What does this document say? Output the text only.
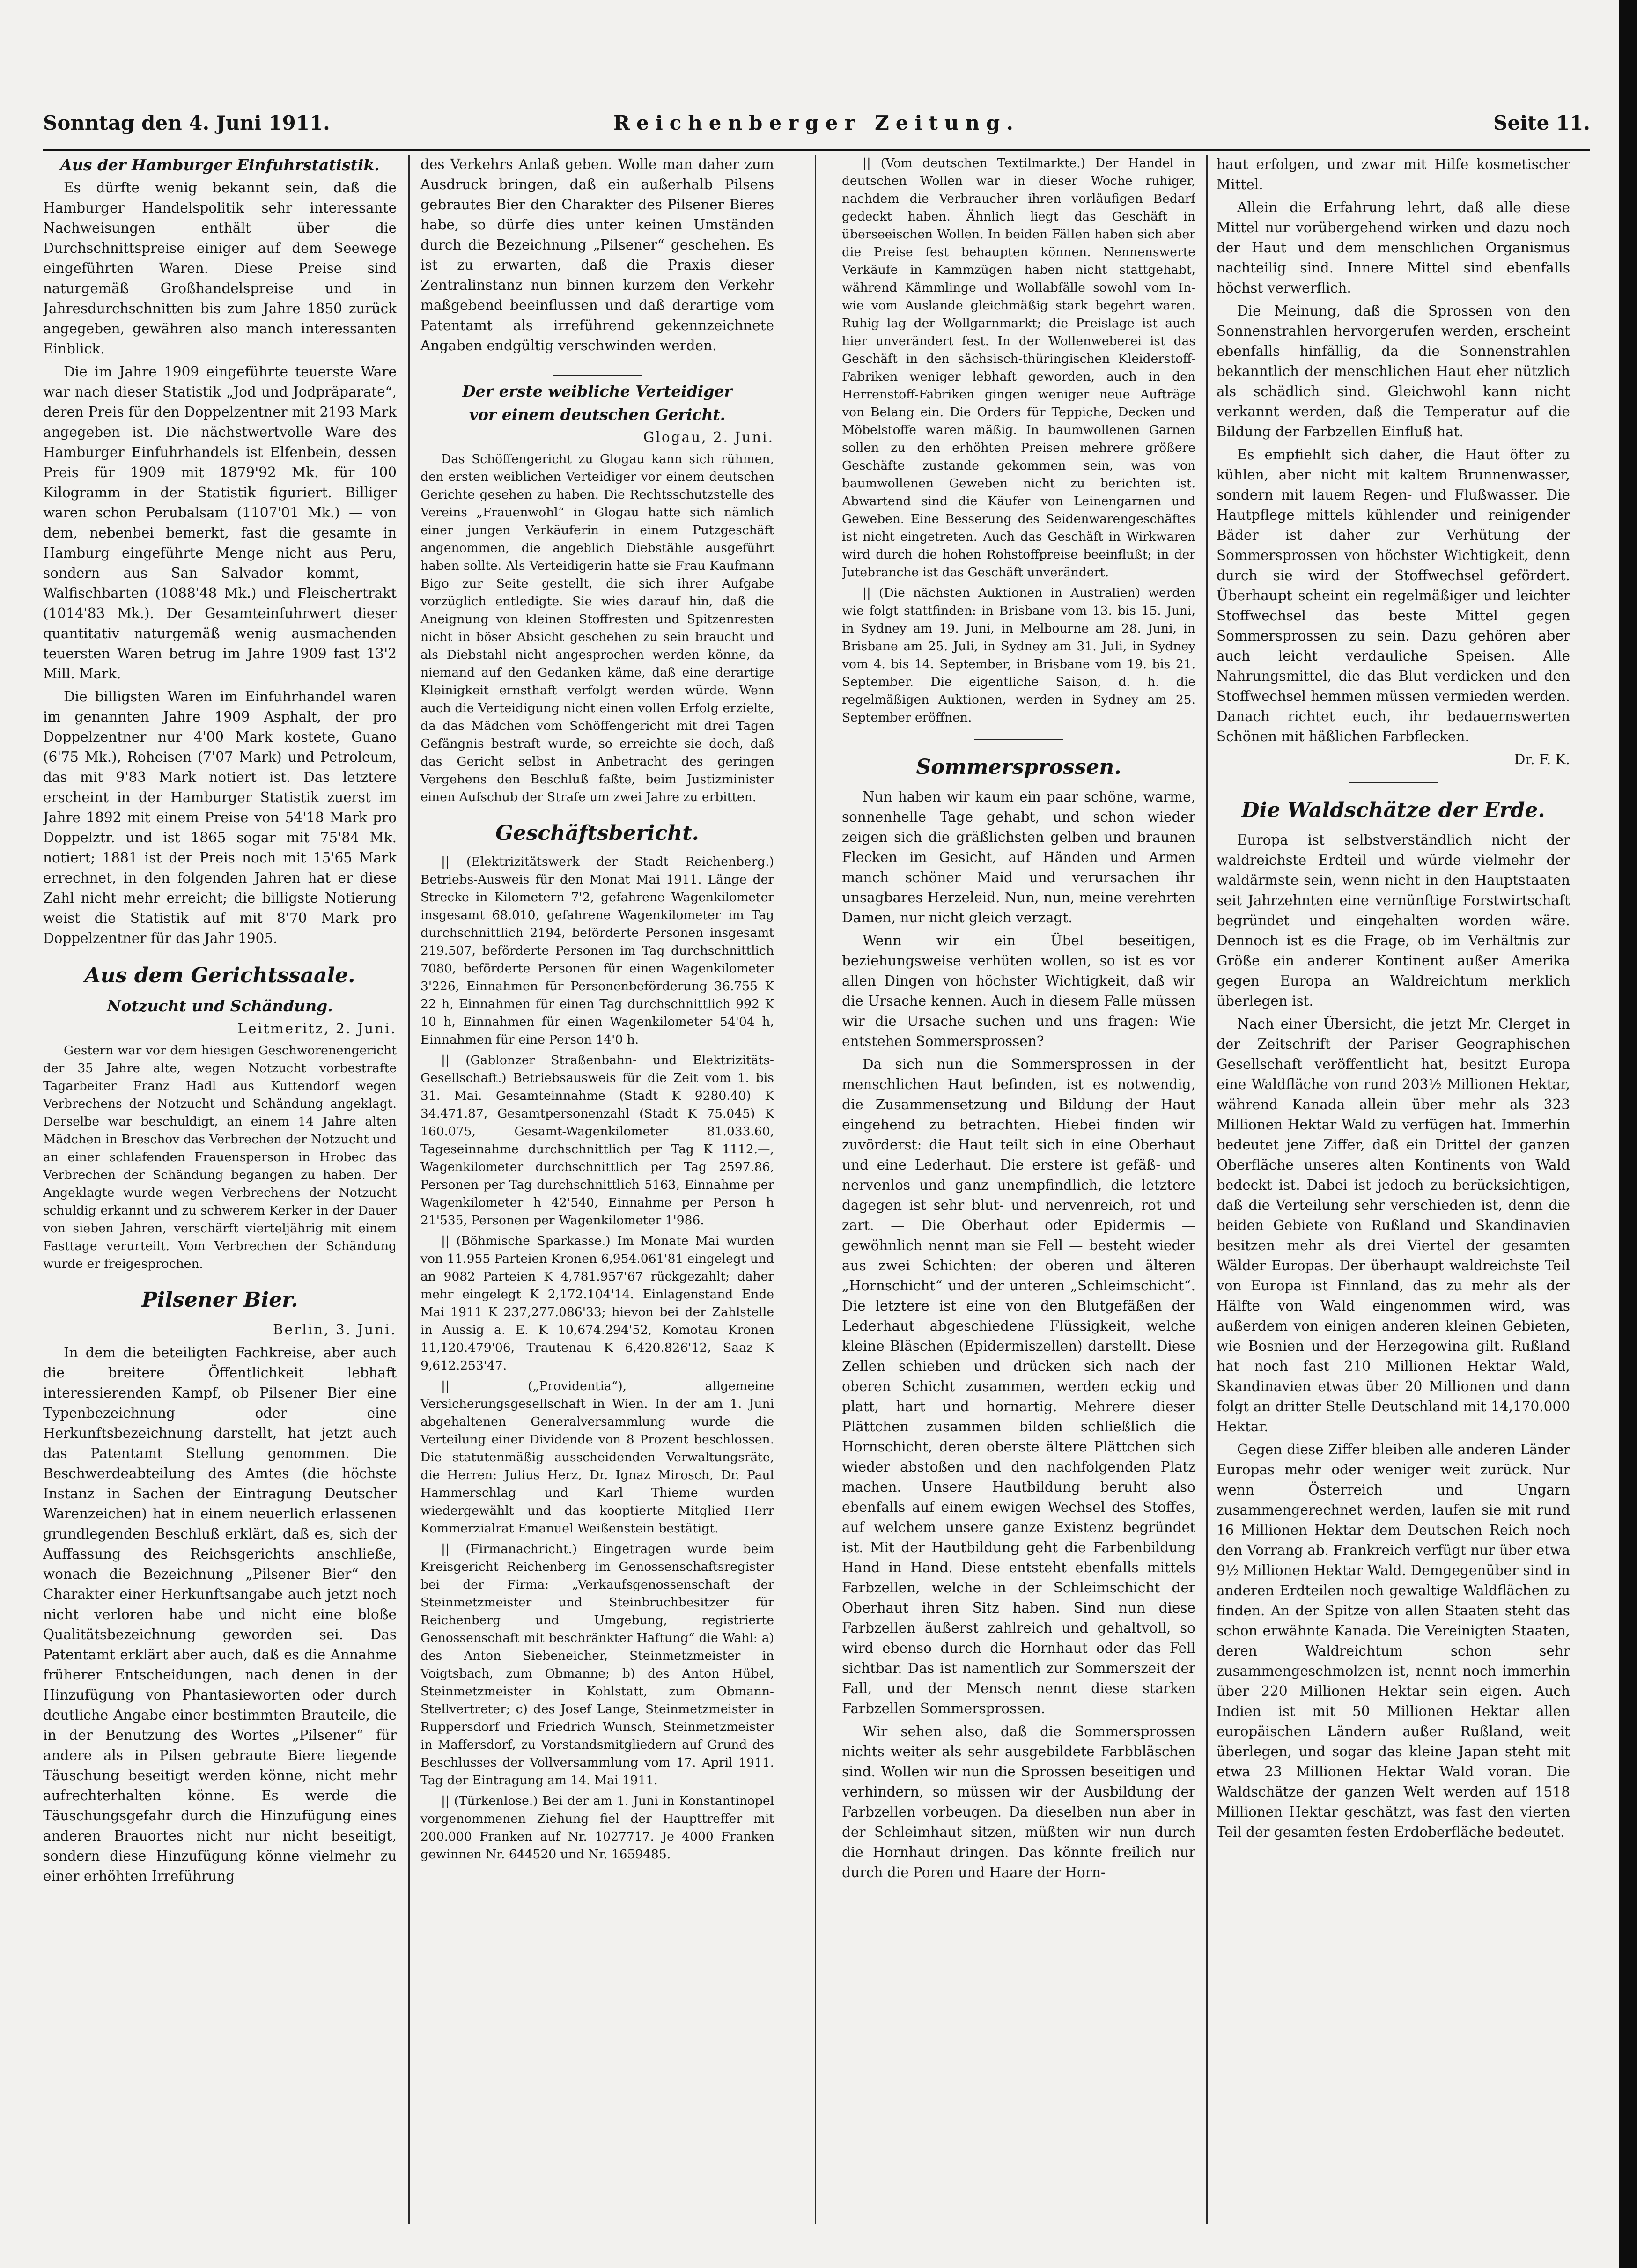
Sonntag den 4. Juni 1911.	Reichenberger Zeitung.	Seite 11.
Aus der Hamburger Einfuhrstatistik.

Es dürfte wenig bekannt sein, daß die Hamburger Handelspolitik sehr interessante Nachweisungen enthält über die Durchschnittspreise einiger auf dem Seewege eingeführten Waren. Diese Preise sind naturgemäß Großhandelspreise und in Jahresdurchschnitten bis zum Jahre 1850 zurück angegeben, gewähren also manch interessanten Einblick.

Die im Jahre 1909 eingeführte teuerste Ware war nach dieser Statistik „Jod und Jodpräparate“, deren Preis für den Doppelzentner mit 2193 Mark angegeben ist. Die nächstwertvolle Ware des Hamburger Einfuhrhandels ist Elfenbein, dessen Preis für 1909 mit 1879'92 Mk. für 100 Kilogramm in der Statistik figuriert. Billiger waren schon Perubalsam (1107'01 Mk.) — von dem, nebenbei bemerkt, fast die gesamte in Hamburg eingeführte Menge nicht aus Peru, sondern aus San Salvador kommt, — Walfischbarten (1088'48 Mk.) und Fleischertrakt (1014'83 Mk.). Der Gesamteinfuhrwert dieser quantitativ naturgemäß wenig ausmachenden teuersten Waren betrug im Jahre 1909 fast 13'2 Mill. Mark.

Die billigsten Waren im Einfuhrhandel waren im genannten Jahre 1909 Asphalt, der pro Doppelzentner nur 4'00 Mark kostete, Guano (6'75 Mk.), Roheisen (7'07 Mark) und Petroleum, das mit 9'83 Mark notiert ist. Das letztere erscheint in der Hamburger Statistik zuerst im Jahre 1892 mit einem Preise von 54'18 Mark pro Doppelztr. und ist 1865 sogar mit 75'84 Mk. notiert; 1881 ist der Preis noch mit 15'65 Mark errechnet, in den folgenden Jahren hat er diese Zahl nicht mehr erreicht; die billigste Notierung weist die Statistik auf mit 8'70 Mark pro Doppelzentner für das Jahr 1905.

Aus dem Gerichtssaale.
Notzucht und Schändung.
Leitmeritz, 2. Juni.

Gestern war vor dem hiesigen Geschworenengericht der 35 Jahre alte, wegen Notzucht vorbestrafte Tagarbeiter Franz Hadl aus Kuttendorf wegen Verbrechens der Notzucht und Schändung angeklagt. Derselbe war beschuldigt, an einem 14 Jahre alten Mädchen in Breschov das Verbrechen der Notzucht und an einer schlafenden Frauensperson in Hrobec das Verbrechen der Schändung begangen zu haben. Der Angeklagte wurde wegen Verbrechens der Notzucht schuldig erkannt und zu schwerem Kerker in der Dauer von sieben Jahren, verschärft vierteljährig mit einem Fasttage verurteilt. Vom Verbrechen der Schändung wurde er freigesprochen.

Pilsener Bier.
Berlin, 3. Juni.

In dem die beteiligten Fachkreise, aber auch die breitere Öffentlichkeit lebhaft interessierenden Kampf, ob Pilsener Bier eine Typenbezeichnung oder eine Herkunftsbezeichnung darstellt, hat jetzt auch das Patentamt Stellung genommen. Die Beschwerdeabteilung des Amtes (die höchste Instanz in Sachen der Eintragung Deutscher Warenzeichen) hat in einem neuerlich erlassenen grundlegenden Beschluß erklärt, daß es, sich der Auffassung des Reichsgerichts anschließe, wonach die Bezeichnung „Pilsener Bier“ den Charakter einer Herkunftsangabe auch jetzt noch nicht verloren habe und nicht eine bloße Qualitätsbezeichnung geworden sei. Das Patentamt erklärt aber auch, daß es die Annahme früherer Entscheidungen, nach denen in der Hinzufügung von Phantasieworten oder durch deutliche Angabe einer bestimmten Brauteile, die in der Benutzung des Wortes „Pilsener“ für andere als in Pilsen gebraute Biere liegende Täuschung beseitigt werden könne, nicht mehr aufrechterhalten könne. Es werde die Täuschungsgefahr durch die Hinzufügung eines anderen Brauortes nicht nur nicht beseitigt, sondern diese Hinzufügung könne vielmehr zu einer erhöhten Irreführung

des Verkehrs Anlaß geben. Wolle man daher zum Ausdruck bringen, daß ein außerhalb Pilsens gebrautes Bier den Charakter des Pilsener Bieres habe, so dürfe dies unter keinen Umständen durch die Bezeichnung „Pilsener“ geschehen. Es ist zu erwarten, daß die Praxis dieser Zentralinstanz nun binnen kurzem den Verkehr maßgebend beeinflussen und daß derartige vom Patentamt als irreführend gekennzeichnete Angaben endgültig verschwinden werden.

Der erste weibliche Verteidiger
vor einem deutschen Gericht.
Glogau, 2. Juni.

Das Schöffengericht zu Glogau kann sich rühmen, den ersten weiblichen Verteidiger vor einem deutschen Gerichte gesehen zu haben. Die Rechtsschutzstelle des Vereins „Frauenwohl“ in Glogau hatte sich nämlich einer jungen Verkäuferin in einem Putzgeschäft angenommen, die angeblich Diebstähle ausgeführt haben sollte. Als Verteidigerin hatte sie Frau Kaufmann Bigo zur Seite gestellt, die sich ihrer Aufgabe vorzüglich entledigte. Sie wies darauf hin, daß die Aneignung von kleinen Stoffresten und Spitzenresten nicht in böser Absicht geschehen zu sein braucht und als Diebstahl nicht angesprochen werden könne, da niemand auf den Gedanken käme, daß eine derartige Kleinigkeit ernsthaft verfolgt werden würde. Wenn auch die Verteidigung nicht einen vollen Erfolg erzielte, da das Mädchen vom Schöffengericht mit drei Tagen Gefängnis bestraft wurde, so erreichte sie doch, daß das Gericht selbst in Anbetracht des geringen Vergehens den Beschluß faßte, beim Justizminister einen Aufschub der Strafe um zwei Jahre zu erbitten.

Geschäftsbericht.

|| (Elektrizitätswerk der Stadt Reichenberg.) Betriebs-Ausweis für den Monat Mai 1911. Länge der Strecke in Kilometern 7'2, gefahrene Wagenkilometer insgesamt 68.010, gefahrene Wagenkilometer im Tag durchschnittlich 2194, beförderte Personen insgesamt 219.507, beförderte Personen im Tag durchschnittlich 7080, beförderte Personen für einen Wagenkilometer 3'226, Einnahmen für Personenbeförderung 36.755 K 22 h, Einnahmen für einen Tag durchschnittlich 992 K 10 h, Einnahmen für einen Wagenkilometer 54'04 h, Einnahmen für eine Person 14'0 h.

|| (Gablonzer Straßenbahn- und Elektrizitäts-Gesellschaft.) Betriebsausweis für die Zeit vom 1. bis 31. Mai. Gesamteinnahme (Stadt K 9280.40) K 34.471.87, Gesamtpersonenzahl (Stadt K 75.045) K 160.075, Gesamt-Wagenkilometer 81.033.60, Tageseinnahme durchschnittlich per Tag K 1112.—, Wagenkilometer durchschnittlich per Tag 2597.86, Personen per Tag durchschnittlich 5163, Einnahme per Wagenkilometer h 42'540, Einnahme per Person h 21'535, Personen per Wagenkilometer 1'986.

|| (Böhmische Sparkasse.) Im Monate Mai wurden von 11.955 Parteien Kronen 6,954.061'81 eingelegt und an 9082 Parteien K 4,781.957'67 rückgezahlt; daher mehr eingelegt K 2,172.104'14. Einlagenstand Ende Mai 1911 K 237,277.086'33; hievon bei der Zahlstelle in Aussig a. E. K 10,674.294'52, Komotau Kronen 11,120.479'06, Trautenau K 6,420.826'12, Saaz K 9,612.253'47.

|| („Providentia“), allgemeine Versicherungsgesellschaft in Wien. In der am 1. Juni abgehaltenen Generalversammlung wurde die Verteilung einer Dividende von 8 Prozent beschlossen. Die statutenmäßig ausscheidenden Verwaltungsräte, die Herren: Julius Herz, Dr. Ignaz Mirosch, Dr. Paul Hammerschlag und Karl Thieme wurden wiedergewählt und das kooptierte Mitglied Herr Kommerzialrat Emanuel Weißenstein bestätigt.

|| (Firmanachricht.) Eingetragen wurde beim Kreisgericht Reichenberg im Genossenschaftsregister bei der Firma: „Verkaufsgenossenschaft der Steinmetzmeister und Steinbruchbesitzer für Reichenberg und Umgebung, registrierte Genossenschaft mit beschränkter Haftung“ die Wahl: a) des Anton Siebeneicher, Steinmetzmeister in Voigtsbach, zum Obmanne; b) des Anton Hübel, Steinmetzmeister in Kohlstatt, zum Obmann-Stellvertreter; c) des Josef Lange, Steinmetzmeister in Ruppersdorf und Friedrich Wunsch, Steinmetzmeister in Maffersdorf, zu Vorstandsmitgliedern auf Grund des Beschlusses der Vollversammlung vom 17. April 1911. Tag der Eintragung am 14. Mai 1911.

|| (Türkenlose.) Bei der am 1. Juni in Konstantinopel vorgenommenen Ziehung fiel der Haupttreffer mit 200.000 Franken auf Nr. 1027717. Je 4000 Franken gewinnen Nr. 644520 und Nr. 1659485.

|| (Vom deutschen Textilmarkte.) Der Handel in deutschen Wollen war in dieser Woche ruhiger, nachdem die Verbraucher ihren vorläufigen Bedarf gedeckt haben. Ähnlich liegt das Geschäft in überseeischen Wollen. In beiden Fällen haben sich aber die Preise fest behaupten können. Nennenswerte Verkäufe in Kammzügen haben nicht stattgehabt, während Kämmlinge und Wollabfälle sowohl vom In- wie vom Auslande gleichmäßig stark begehrt waren. Ruhig lag der Wollgarnmarkt; die Preislage ist auch hier unverändert fest. In der Wollenweberei ist das Geschäft in den sächsisch-thüringischen Kleiderstoff-Fabriken weniger lebhaft geworden, auch in den Herrenstoff-Fabriken gingen weniger neue Aufträge von Belang ein. Die Orders für Teppiche, Decken und Möbelstoffe waren mäßig. In baumwollenen Garnen sollen zu den erhöhten Preisen mehrere größere Geschäfte zustande gekommen sein, was von baumwollenen Geweben nicht zu berichten ist. Abwartend sind die Käufer von Leinengarnen und Geweben. Eine Besserung des Seidenwarengeschäftes ist nicht eingetreten. Auch das Geschäft in Wirkwaren wird durch die hohen Rohstoffpreise beeinflußt; in der Jutebranche ist das Geschäft unverändert.

|| (Die nächsten Auktionen in Australien) werden wie folgt stattfinden: in Brisbane vom 13. bis 15. Juni, in Sydney am 19. Juni, in Melbourne am 28. Juni, in Brisbane am 25. Juli, in Sydney am 31. Juli, in Sydney vom 4. bis 14. September, in Brisbane vom 19. bis 21. September. Die eigentliche Saison, d. h. die regelmäßigen Auktionen, werden in Sydney am 25. September eröffnen.

Sommersprossen.

Nun haben wir kaum ein paar schöne, warme, sonnenhelle Tage gehabt, und schon wieder zeigen sich die gräßlichsten gelben und braunen Flecken im Gesicht, auf Händen und Armen manch schöner Maid und verursachen ihr unsagbares Herzeleid. Nun, nun, meine verehrten Damen, nur nicht gleich verzagt.

Wenn wir ein Übel beseitigen, beziehungsweise verhüten wollen, so ist es vor allen Dingen von höchster Wichtigkeit, daß wir die Ursache kennen. Auch in diesem Falle müssen wir die Ursache suchen und uns fragen: Wie entstehen Sommersprossen?

Da sich nun die Sommersprossen in der menschlichen Haut befinden, ist es notwendig, die Zusammensetzung und Bildung der Haut eingehend zu betrachten. Hiebei finden wir zuvörderst: die Haut teilt sich in eine Oberhaut und eine Lederhaut. Die erstere ist gefäß- und nervenlos und ganz unempfindlich, die letztere dagegen ist sehr blut- und nervenreich, rot und zart. — Die Oberhaut oder Epidermis — gewöhnlich nennt man sie Fell — besteht wieder aus zwei Schichten: der oberen und älteren „Hornschicht“ und der unteren „Schleimschicht“. Die letztere ist eine von den Blutgefäßen der Lederhaut abgeschiedene Flüssigkeit, welche kleine Bläschen (Epidermiszellen) darstellt. Diese Zellen schieben und drücken sich nach der oberen Schicht zusammen, werden eckig und platt, hart und hornartig. Mehrere dieser Plättchen zusammen bilden schließlich die Hornschicht, deren oberste ältere Plättchen sich wieder abstoßen und den nachfolgenden Platz machen. Unsere Hautbildung beruht also ebenfalls auf einem ewigen Wechsel des Stoffes, auf welchem unsere ganze Existenz begründet ist. Mit der Hautbildung geht die Farbenbildung Hand in Hand. Diese entsteht ebenfalls mittels Farbzellen, welche in der Schleimschicht der Oberhaut ihren Sitz haben. Sind nun diese Farbzellen äußerst zahlreich und gehaltvoll, so wird ebenso durch die Hornhaut oder das Fell sichtbar. Das ist namentlich zur Sommerszeit der Fall, und der Mensch nennt diese starken Farbzellen Sommersprossen.

Wir sehen also, daß die Sommersprossen nichts weiter als sehr ausgebildete Farbbläschen sind. Wollen wir nun die Sprossen beseitigen und verhindern, so müssen wir der Ausbildung der Farbzellen vorbeugen. Da dieselben nun aber in der Schleimhaut sitzen, müßten wir nun durch die Hornhaut dringen. Das könnte freilich nur durch die Poren und Haare der Horn-

haut erfolgen, und zwar mit Hilfe kosmetischer Mittel.

Allein die Erfahrung lehrt, daß alle diese Mittel nur vorübergehend wirken und dazu noch der Haut und dem menschlichen Organismus nachteilig sind. Innere Mittel sind ebenfalls höchst verwerflich.

Die Meinung, daß die Sprossen von den Sonnenstrahlen hervorgerufen werden, erscheint ebenfalls hinfällig, da die Sonnenstrahlen bekanntlich der menschlichen Haut eher nützlich als schädlich sind. Gleichwohl kann nicht verkannt werden, daß die Temperatur auf die Bildung der Farbzellen Einfluß hat.

Es empfiehlt sich daher, die Haut öfter zu kühlen, aber nicht mit kaltem Brunnenwasser, sondern mit lauem Regen- und Flußwasser. Die Hautpflege mittels kühlender und reinigender Bäder ist daher zur Verhütung der Sommersprossen von höchster Wichtigkeit, denn durch sie wird der Stoffwechsel gefördert. Überhaupt scheint ein regelmäßiger und leichter Stoffwechsel das beste Mittel gegen Sommersprossen zu sein. Dazu gehören aber auch leicht verdauliche Speisen. Alle Nahrungsmittel, die das Blut verdicken und den Stoffwechsel hemmen müssen vermieden werden. Danach richtet euch, ihr bedauernswerten Schönen mit häßlichen Farbflecken.

Dr. F. K.
Die Waldschätze der Erde.

Europa ist selbstverständlich nicht der waldreichste Erdteil und würde vielmehr der waldärmste sein, wenn nicht in den Hauptstaaten seit Jahrzehnten eine vernünftige Forstwirtschaft begründet und eingehalten worden wäre. Dennoch ist es die Frage, ob im Verhältnis zur Größe ein anderer Kontinent außer Amerika gegen Europa an Waldreichtum merklich überlegen ist.

Nach einer Übersicht, die jetzt Mr. Clerget in der Zeitschrift der Pariser Geographischen Gesellschaft veröffentlicht hat, besitzt Europa eine Waldfläche von rund 203½ Millionen Hektar, während Kanada allein über mehr als 323 Millionen Hektar Wald zu verfügen hat. Immerhin bedeutet jene Ziffer, daß ein Drittel der ganzen Oberfläche unseres alten Kontinents von Wald bedeckt ist. Dabei ist jedoch zu berücksichtigen, daß die Verteilung sehr verschieden ist, denn die beiden Gebiete von Rußland und Skandinavien besitzen mehr als drei Viertel der gesamten Wälder Europas. Der überhaupt waldreichste Teil von Europa ist Finnland, das zu mehr als der Hälfte von Wald eingenommen wird, was außerdem von einigen anderen kleinen Gebieten, wie Bosnien und der Herzegowina gilt. Rußland hat noch fast 210 Millionen Hektar Wald, Skandinavien etwas über 20 Millionen und dann folgt an dritter Stelle Deutschland mit 14,170.000 Hektar.

Gegen diese Ziffer bleiben alle anderen Länder Europas mehr oder weniger weit zurück. Nur wenn Österreich und Ungarn zusammengerechnet werden, laufen sie mit rund 16 Millionen Hektar dem Deutschen Reich noch den Vorrang ab. Frankreich verfügt nur über etwa 9½ Millionen Hektar Wald. Demgegenüber sind in anderen Erdteilen noch gewaltige Waldflächen zu finden. An der Spitze von allen Staaten steht das schon erwähnte Kanada. Die Vereinigten Staaten, deren Waldreichtum schon sehr zusammengeschmolzen ist, nennt noch immerhin über 220 Millionen Hektar sein eigen. Auch Indien ist mit 50 Millionen Hektar allen europäischen Ländern außer Rußland, weit überlegen, und sogar das kleine Japan steht mit etwa 23 Millionen Hektar Wald voran. Die Waldschätze der ganzen Welt werden auf 1518 Millionen Hektar geschätzt, was fast den vierten Teil der gesamten festen Erdoberfläche bedeutet.
